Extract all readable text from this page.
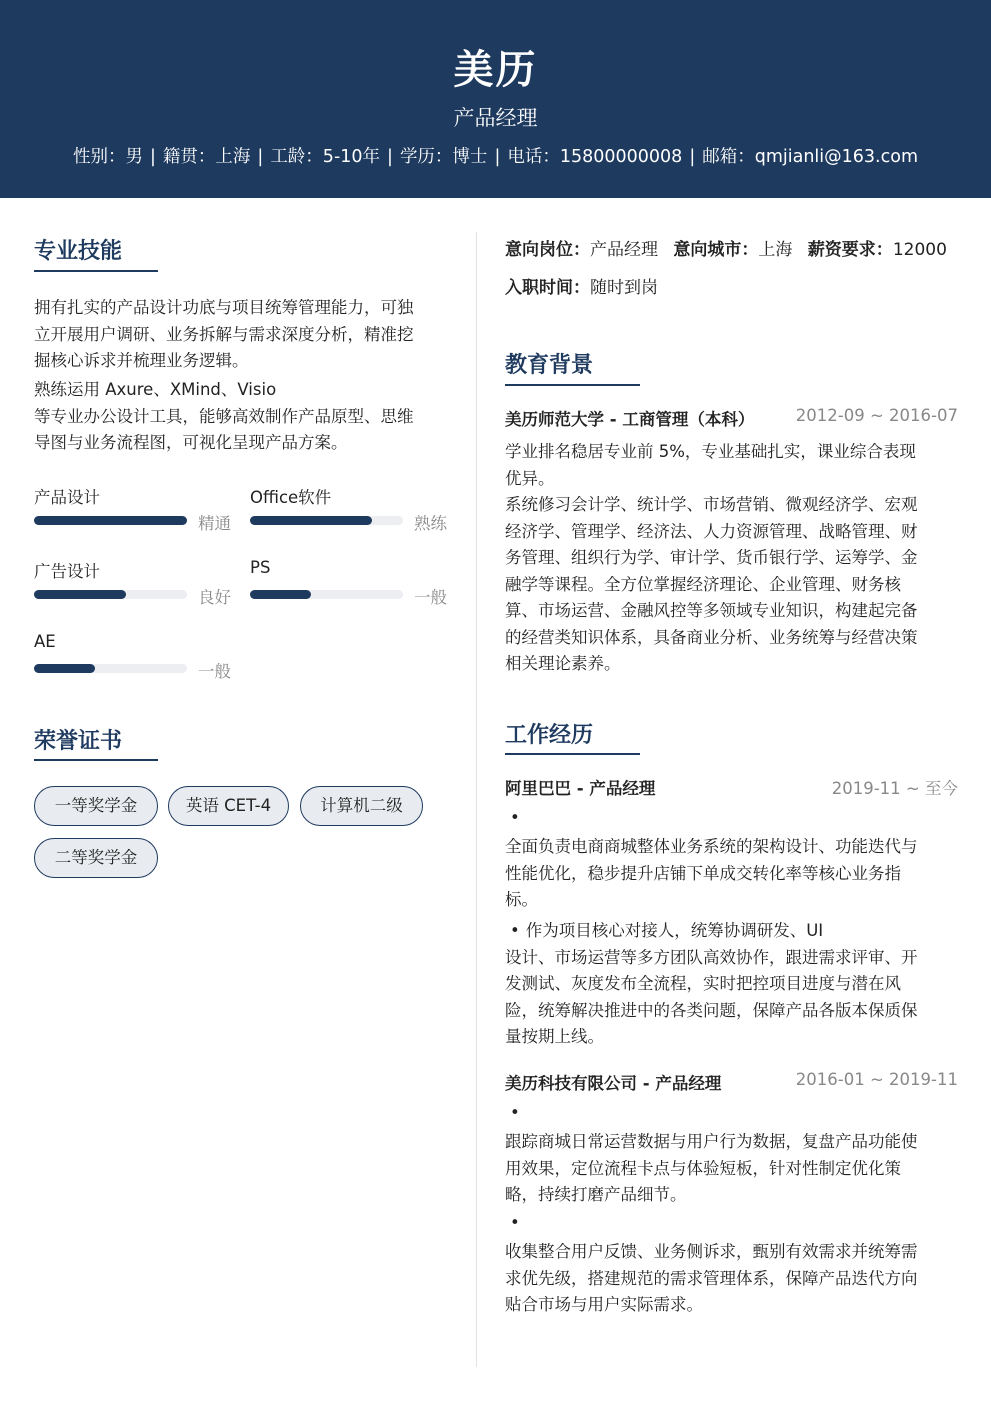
美历
产品经理
性别：男 | 籍贯：上海 | 工龄：5-10年 | 学历：博士 | 电话：15800000008 | 邮箱：qmjianli@163.com
专业技能
拥有扎实的产品设计功底与项目统筹管理能力，可独
立开展用户调研、业务拆解与需求深度分析，精准挖
掘核心诉求并梳理业务逻辑。
熟练运用 Axure、XMind、Visio
等专业办公设计工具，能够高效制作产品原型、思维
导图与业务流程图，可视化呈现产品方案。
产品设计
精通
Office软件
熟练
广告设计
良好
PS
一般
AE
一般
荣誉证书
一等奖学金	英语 CET-4	计算机二级
二等奖学金
意向岗位：产品经理 意向城市：上海 薪资要求：12000
入职时间：随时到岗
教育背景
美历师范大学 - 工商管理（本科）	2012-09 ~ 2016-07
学业排名稳居专业前 5%，专业基础扎实，课业综合表现
优异。
系统修习会计学、统计学、市场营销、微观经济学、宏观
经济学、管理学、经济法、人力资源管理、战略管理、财
务管理、组织行为学、审计学、货币银行学、运筹学、金
融学等课程。全方位掌握经济理论、企业管理、财务核
算、市场运营、金融风控等多领域专业知识，构建起完备
的经营类知识体系，具备商业分析、业务统筹与经营决策
相关理论素养。
工作经历
阿里巴巴 - 产品经理	2019-11 ~ 至今
•
全面负责电商商城整体业务系统的架构设计、功能迭代与
性能优化，稳步提升店铺下单成交转化率等核心业务指
标。
• 作为项目核心对接人，统筹协调研发、UI
设计、市场运营等多方团队高效协作，跟进需求评审、开
发测试、灰度发布全流程，实时把控项目进度与潜在风
险，统筹解决推进中的各类问题，保障产品各版本保质保
量按期上线。
美历科技有限公司 - 产品经理	2016-01 ~ 2019-11
•
跟踪商城日常运营数据与用户行为数据，复盘产品功能使
用效果，定位流程卡点与体验短板，针对性制定优化策
略，持续打磨产品细节。
•
收集整合用户反馈、业务侧诉求，甄别有效需求并统筹需
求优先级，搭建规范的需求管理体系，保障产品迭代方向
贴合市场与用户实际需求。
